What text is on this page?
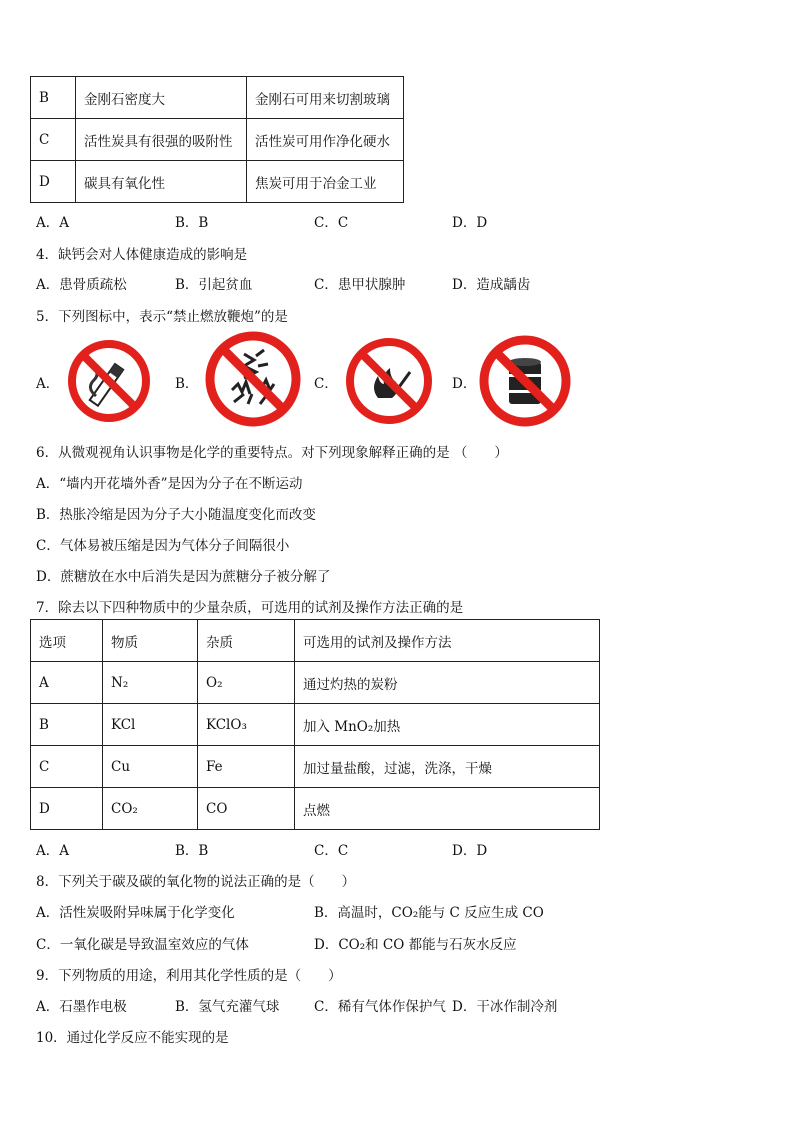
B	金刚石密度大	金刚石可用来切割玻璃
C	活性炭具有很强的吸附性	活性炭可用作净化硬水
D	碳具有氧化性	焦炭可用于冶金工业
A．A	B．B	C．C	D．D
4．缺钙会对人体健康造成的影响是
A．患骨质疏松	B．引起贫血	C．患甲状腺肿	D．造成龋齿
5．下列图标中，表示“禁止燃放鞭炮”的是
A．	B．	C．	D．
6．从微观视角认识事物是化学的重要特点。对下列现象解释正确的是 （　　）
A．“墙内开花墙外香”是因为分子在不断运动
B．热胀冷缩是因为分子大小随温度变化而改变
C．气体易被压缩是因为气体分子间隔很小
D．蔗糖放在水中后消失是因为蔗糖分子被分解了
7．除去以下四种物质中的少量杂质，可选用的试剂及操作方法正确的是
选项	物质	杂质	可选用的试剂及操作方法
A	N₂	O₂	通过灼热的炭粉
B	KCl	KClO₃	加入 MnO₂加热
C	Cu	Fe	加过量盐酸，过滤，洗涤，干燥
D	CO₂	CO	点燃
A．A	B．B	C．C	D．D
8．下列关于碳及碳的氧化物的说法正确的是（　　）
A．活性炭吸附异味属于化学变化	B．高温时，CO₂能与 C 反应生成 CO
C．一氧化碳是导致温室效应的气体	D．CO₂和 CO 都能与石灰水反应
9．下列物质的用途，利用其化学性质的是（　　）
A．石墨作电极	B．氢气充灌气球	C．稀有气体作保护气 D．干冰作制冷剂
10．通过化学反应不能实现的是
